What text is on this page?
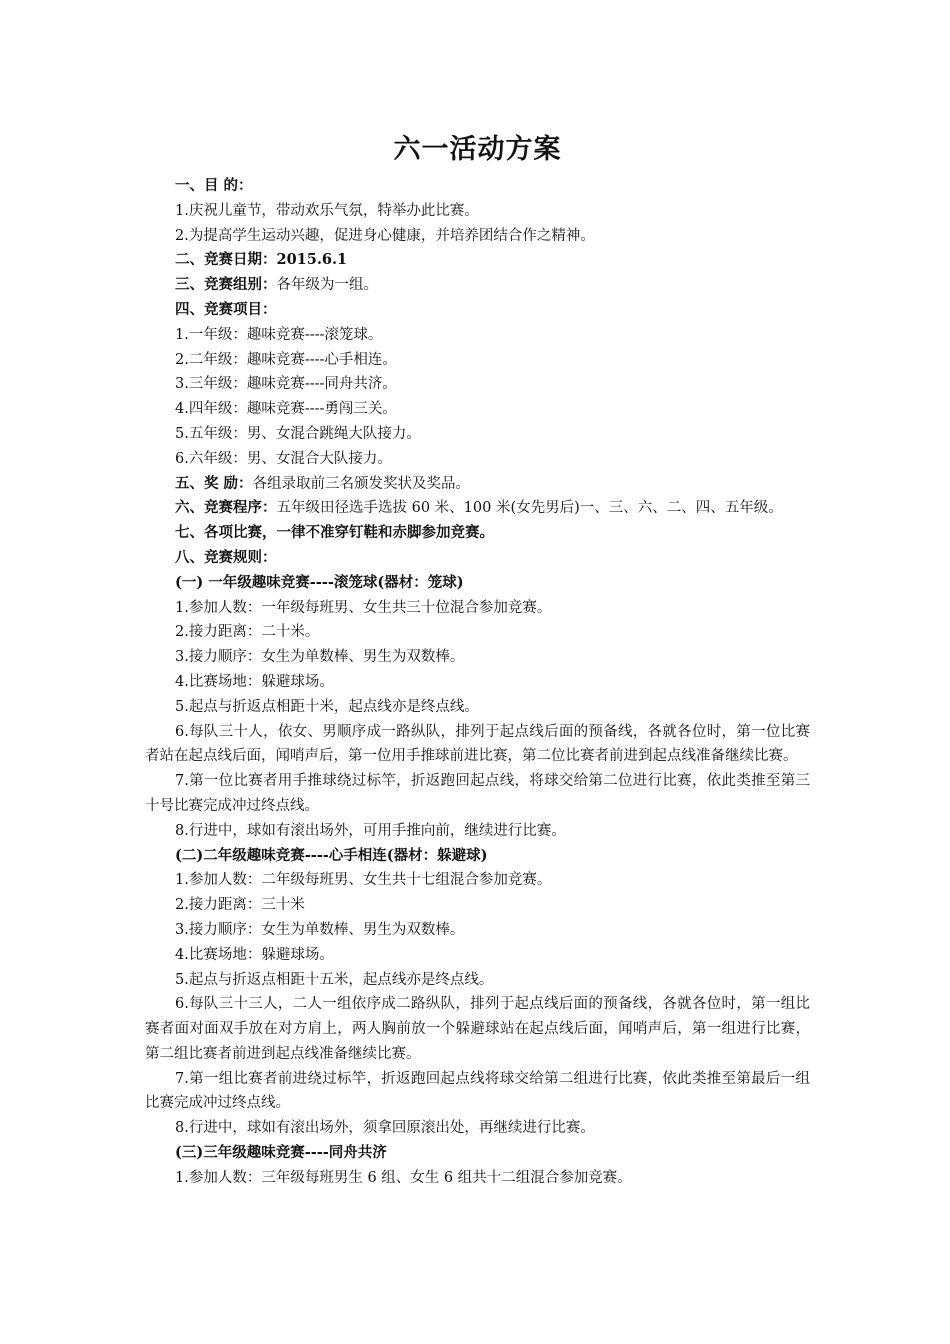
六一活动方案

一、目 的：

1.庆祝儿童节，带动欢乐气氛，特举办此比赛。

2.为提高学生运动兴趣，促进身心健康，并培养团结合作之精神。

二、竞赛日期：2015.6.1

三、竞赛组别：各年级为一组。

四、竞赛项目：

1.一年级：趣味竞赛----滚笼球。

2.二年级：趣味竞赛----心手相连。

3.三年级：趣味竞赛----同舟共济。

4.四年级：趣味竞赛----勇闯三关。

5.五年级：男、女混合跳绳大队接力。

6.六年级：男、女混合大队接力。

五、奖 励：各组录取前三名颁发奖状及奖品。

六、竞赛程序：五年级田径选手选拔 60 米、100 米(女先男后)一、三、六、二、四、五年级。

七、各项比赛，一律不准穿钉鞋和赤脚参加竞赛。

八、竞赛规则：

(一) 一年级趣味竞赛----滚笼球(器材：笼球)

1.参加人数：一年级每班男、女生共三十位混合参加竞赛。

2.接力距离：二十米。

3.接力顺序：女生为单数棒、男生为双数棒。

4.比赛场地：躲避球场。

5.起点与折返点相距十米，起点线亦是终点线。

6.每队三十人，依女、男顺序成一路纵队，排列于起点线后面的预备线，各就各位时，第一位比赛者站在起点线后面，闻哨声后，第一位用手推球前进比赛，第二位比赛者前进到起点线准备继续比赛。

7.第一位比赛者用手推球绕过标竿，折返跑回起点线，将球交给第二位进行比赛，依此类推至第三十号比赛完成冲过终点线。

8.行进中，球如有滚出场外，可用手推向前，继续进行比赛。

(二)二年级趣味竞赛----心手相连(器材：躲避球)

1.参加人数：二年级每班男、女生共十七组混合参加竞赛。

2.接力距离：三十米

3.接力顺序：女生为单数棒、男生为双数棒。

4.比赛场地：躲避球场。

5.起点与折返点相距十五米，起点线亦是终点线。

6.每队三十三人，二人一组依序成二路纵队，排列于起点线后面的预备线，各就各位时，第一组比赛者面对面双手放在对方肩上，两人胸前放一个躲避球站在起点线后面，闻哨声后，第一组进行比赛，第二组比赛者前进到起点线准备继续比赛。

7.第一组比赛者前进绕过标竿，折返跑回起点线将球交给第二组进行比赛，依此类推至第最后一组比赛完成冲过终点线。

8.行进中，球如有滚出场外，须拿回原滚出处，再继续进行比赛。

(三)三年级趣味竞赛----同舟共济

1.参加人数：三年级每班男生 6 组、女生 6 组共十二组混合参加竞赛。
